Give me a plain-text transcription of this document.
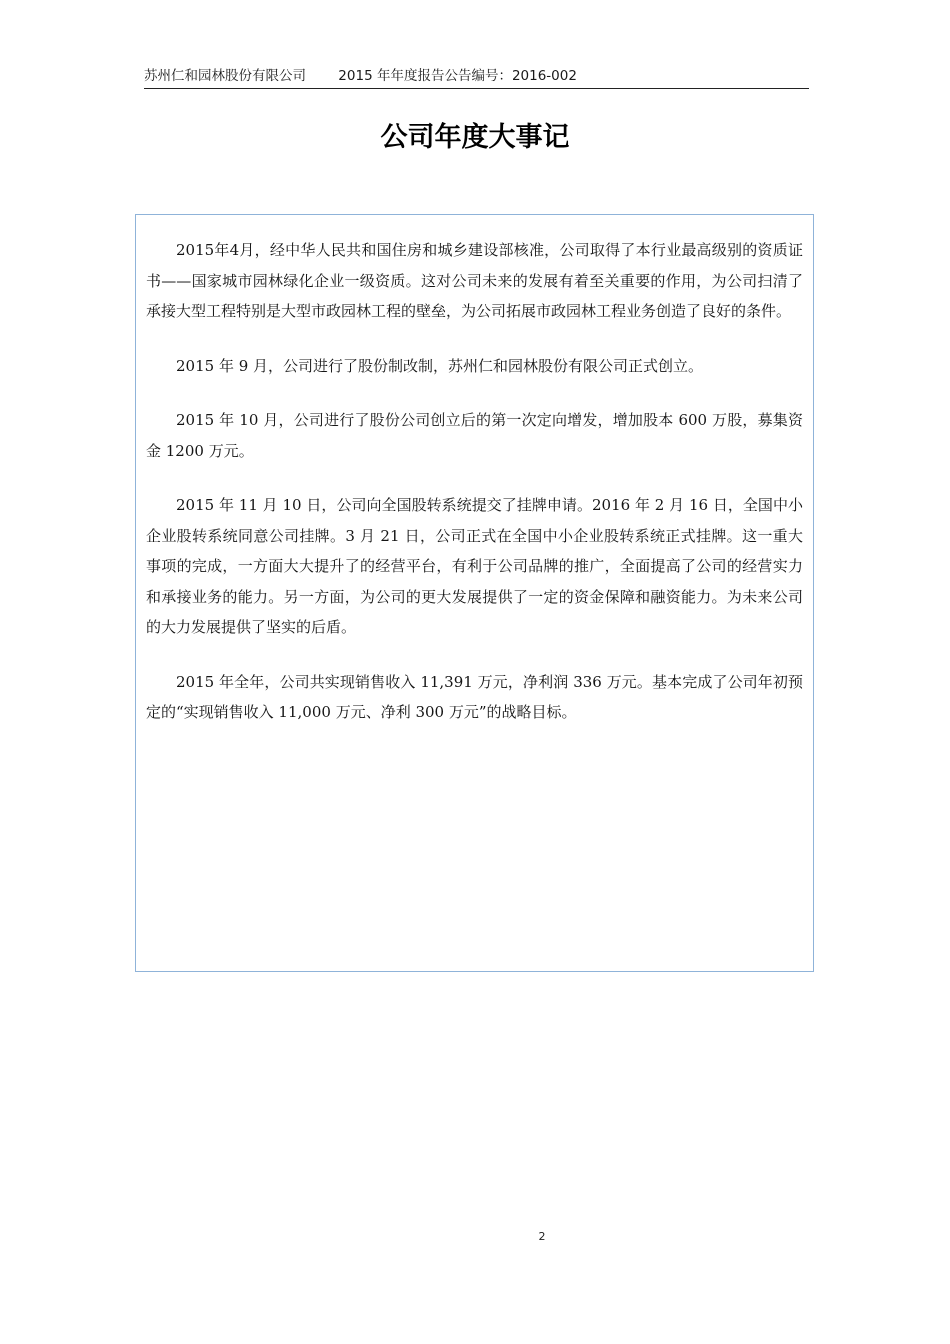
苏州仁和园林股份有限公司 2015 年年度报告公告编号：2016-002
公司年度大事记

2015年4月，经中华人民共和国住房和城乡建设部核准，公司取得了本行业最高级别的资质证书——国家城市园林绿化企业一级资质。这对公司未来的发展有着至关重要的作用，为公司扫清了承接大型工程特别是大型市政园林工程的壁垒，为公司拓展市政园林工程业务创造了良好的条件。

2015 年 9 月，公司进行了股份制改制，苏州仁和园林股份有限公司正式创立。

2015 年 10 月，公司进行了股份公司创立后的第一次定向增发，增加股本 600 万股，募集资金 1200 万元。

2015 年 11 月 10 日，公司向全国股转系统提交了挂牌申请。2016 年 2 月 16 日，全国中小企业股转系统同意公司挂牌。3 月 21 日，公司正式在全国中小企业股转系统正式挂牌。这一重大事项的完成，一方面大大提升了的经营平台，有利于公司品牌的推广，全面提高了公司的经营实力和承接业务的能力。另一方面，为公司的更大发展提供了一定的资金保障和融资能力。为未来公司的大力发展提供了坚实的后盾。

2015 年全年，公司共实现销售收入 11,391 万元，净利润 336 万元。基本完成了公司年初预定的“实现销售收入 11,000 万元、净利 300 万元”的战略目标。

2
